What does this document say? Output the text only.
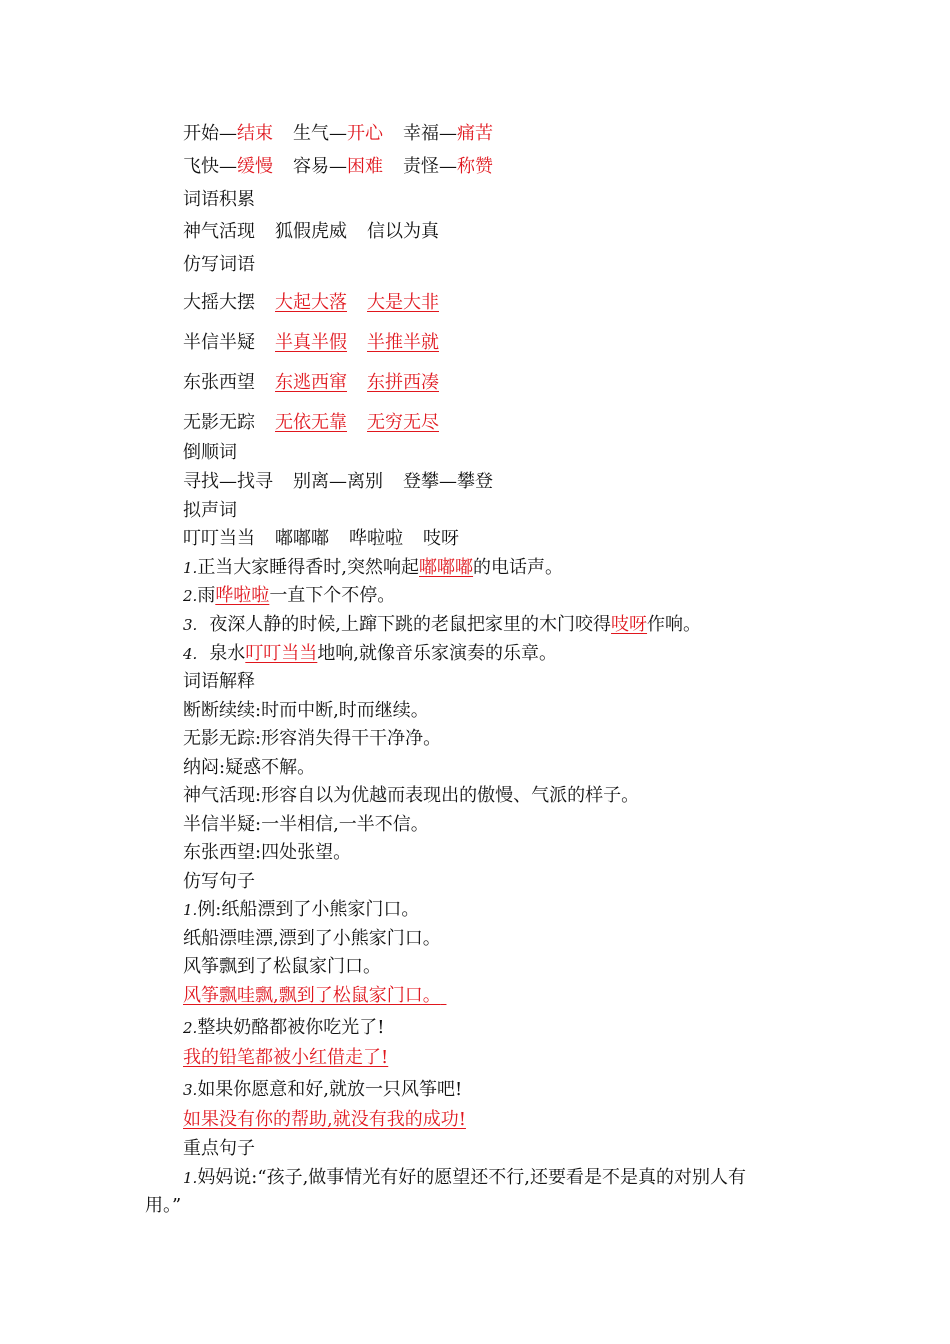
开始—结束 生气—开心 幸福—痛苦
飞快—缓慢 容易—困难 责怪—称赞
词语积累
神气活现 狐假虎威 信以为真
仿写词语
大摇大摆 大起大落 大是大非
半信半疑 半真半假 半推半就
东张西望 东逃西窜 东拼西凑
无影无踪 无依无靠 无穷无尽
倒顺词
寻找—找寻 别离—离别 登攀—攀登
拟声词
叮叮当当 嘟嘟嘟 哗啦啦 吱呀
1.正当大家睡得香时,突然响起嘟嘟嘟的电话声。
2.雨哗啦啦一直下个不停。
3. 夜深人静的时候,上蹿下跳的老鼠把家里的木门咬得吱呀作响。
4. 泉水叮叮当当地响,就像音乐家演奏的乐章。
词语解释
断断续续:时而中断,时而继续。
无影无踪:形容消失得干干净净。
纳闷:疑惑不解。
神气活现:形容自以为优越而表现出的傲慢、气派的样子。
半信半疑:一半相信,一半不信。
东张西望:四处张望。
仿写句子
1.例:纸船漂到了小熊家门口。
纸船漂哇漂,漂到了小熊家门口。
风筝飘到了松鼠家门口。
风筝飘哇飘,飘到了松鼠家门口。
2.整块奶酪都被你吃光了!
我的铅笔都被小红借走了!
3.如果你愿意和好,就放一只风筝吧!
如果没有你的帮助,就没有我的成功!
重点句子
1.妈妈说:“孩子,做事情光有好的愿望还不行,还要看是不是真的对别人有
用。”
